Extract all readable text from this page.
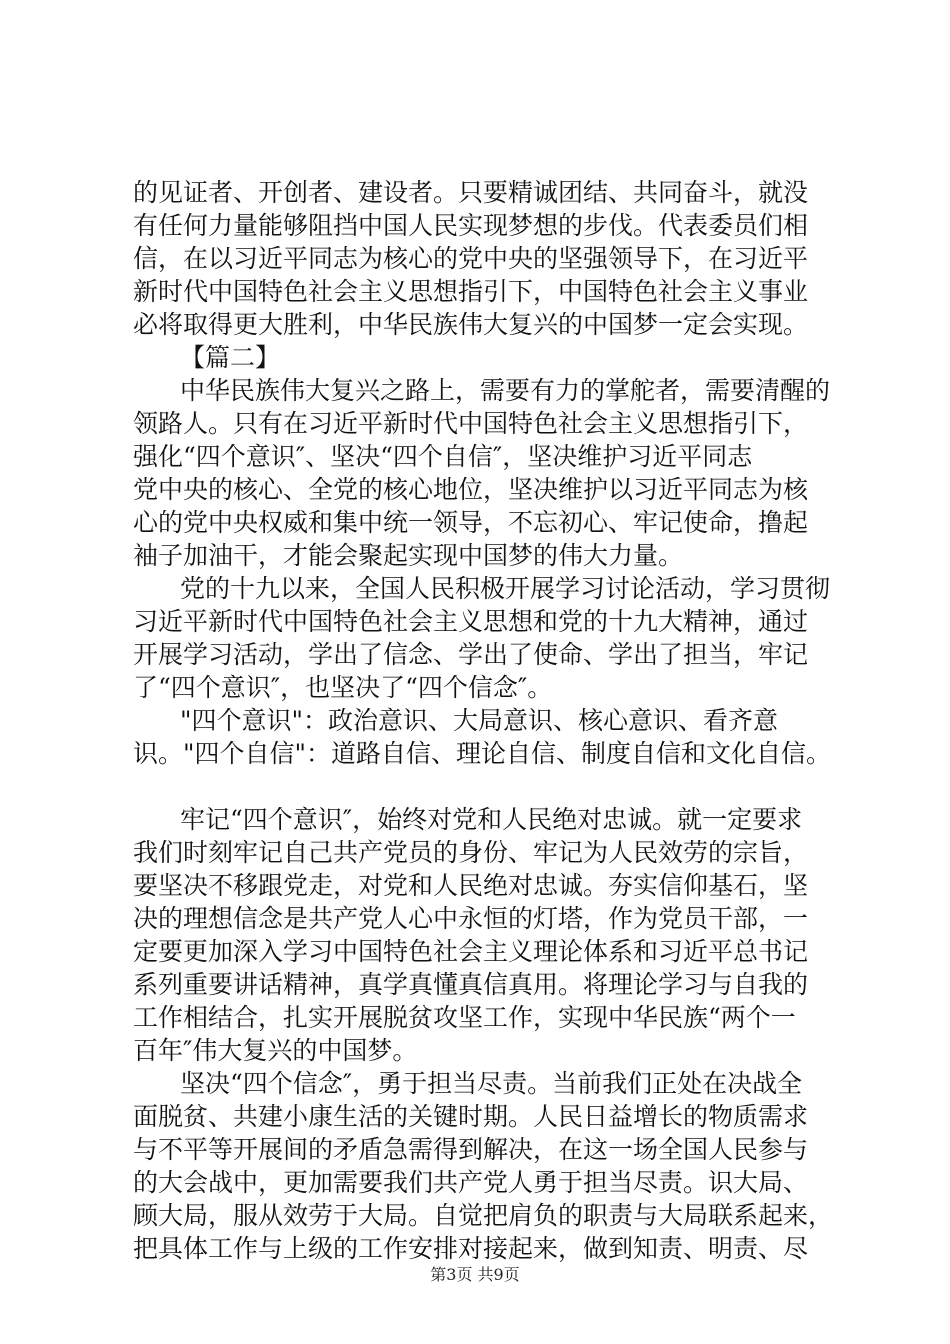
的见证者、开创者、建设者。只要精诚团结、共同奋斗，就没
有任何力量能够阻挡中国人民实现梦想的步伐。代表委员们相
信，在以习近平同志为核心的党中央的坚强领导下，在习近平
新时代中国特色社会主义思想指引下，中国特色社会主义事业
必将取得更大胜利，中华民族伟大复兴的中国梦一定会实现。

【篇二】

中华民族伟大复兴之路上，需要有力的掌舵者，需要清醒的
领路人。只有在习近平新时代中国特色社会主义思想指引下，
强化“四个意识″、坚决“四个自信″，坚决维护习近平同志
党中央的核心、全党的核心地位，坚决维护以习近平同志为核
心的党中央权威和集中统一领导，不忘初心、牢记使命，撸起
袖子加油干，才能会聚起实现中国梦的伟大力量。

党的十九以来，全国人民积极开展学习讨论活动，学习贯彻
习近平新时代中国特色社会主义思想和党的十九大精神，通过
开展学习活动，学出了信念、学出了使命、学出了担当，牢记
了“四个意识″，也坚决了“四个信念″。

"四个意识"：政治意识、大局意识、核心意识、看齐意
识。"四个自信"：道路自信、理论自信、制度自信和文化自信。

牢记“四个意识″，始终对党和人民绝对忠诚。就一定要求
我们时刻牢记自己共产党员的身份、牢记为人民效劳的宗旨，
要坚决不移跟党走，对党和人民绝对忠诚。夯实信仰基石，坚
决的理想信念是共产党人心中永恒的灯塔，作为党员干部，一
定要更加深入学习中国特色社会主义理论体系和习近平总书记
系列重要讲话精神，真学真懂真信真用。将理论学习与自我的
工作相结合，扎实开展脱贫攻坚工作，实现中华民族“两个一
百年″伟大复兴的中国梦。

坚决“四个信念″，勇于担当尽责。当前我们正处在决战全
面脱贫、共建小康生活的关键时期。人民日益增长的物质需求
与不平等开展间的矛盾急需得到解决，在这一场全国人民参与
的大会战中，更加需要我们共产党人勇于担当尽责。识大局、
顾大局，服从效劳于大局。自觉把肩负的职责与大局联系起来，
把具体工作与上级的工作安排对接起来，做到知责、明责、尽

第3页 共9页
